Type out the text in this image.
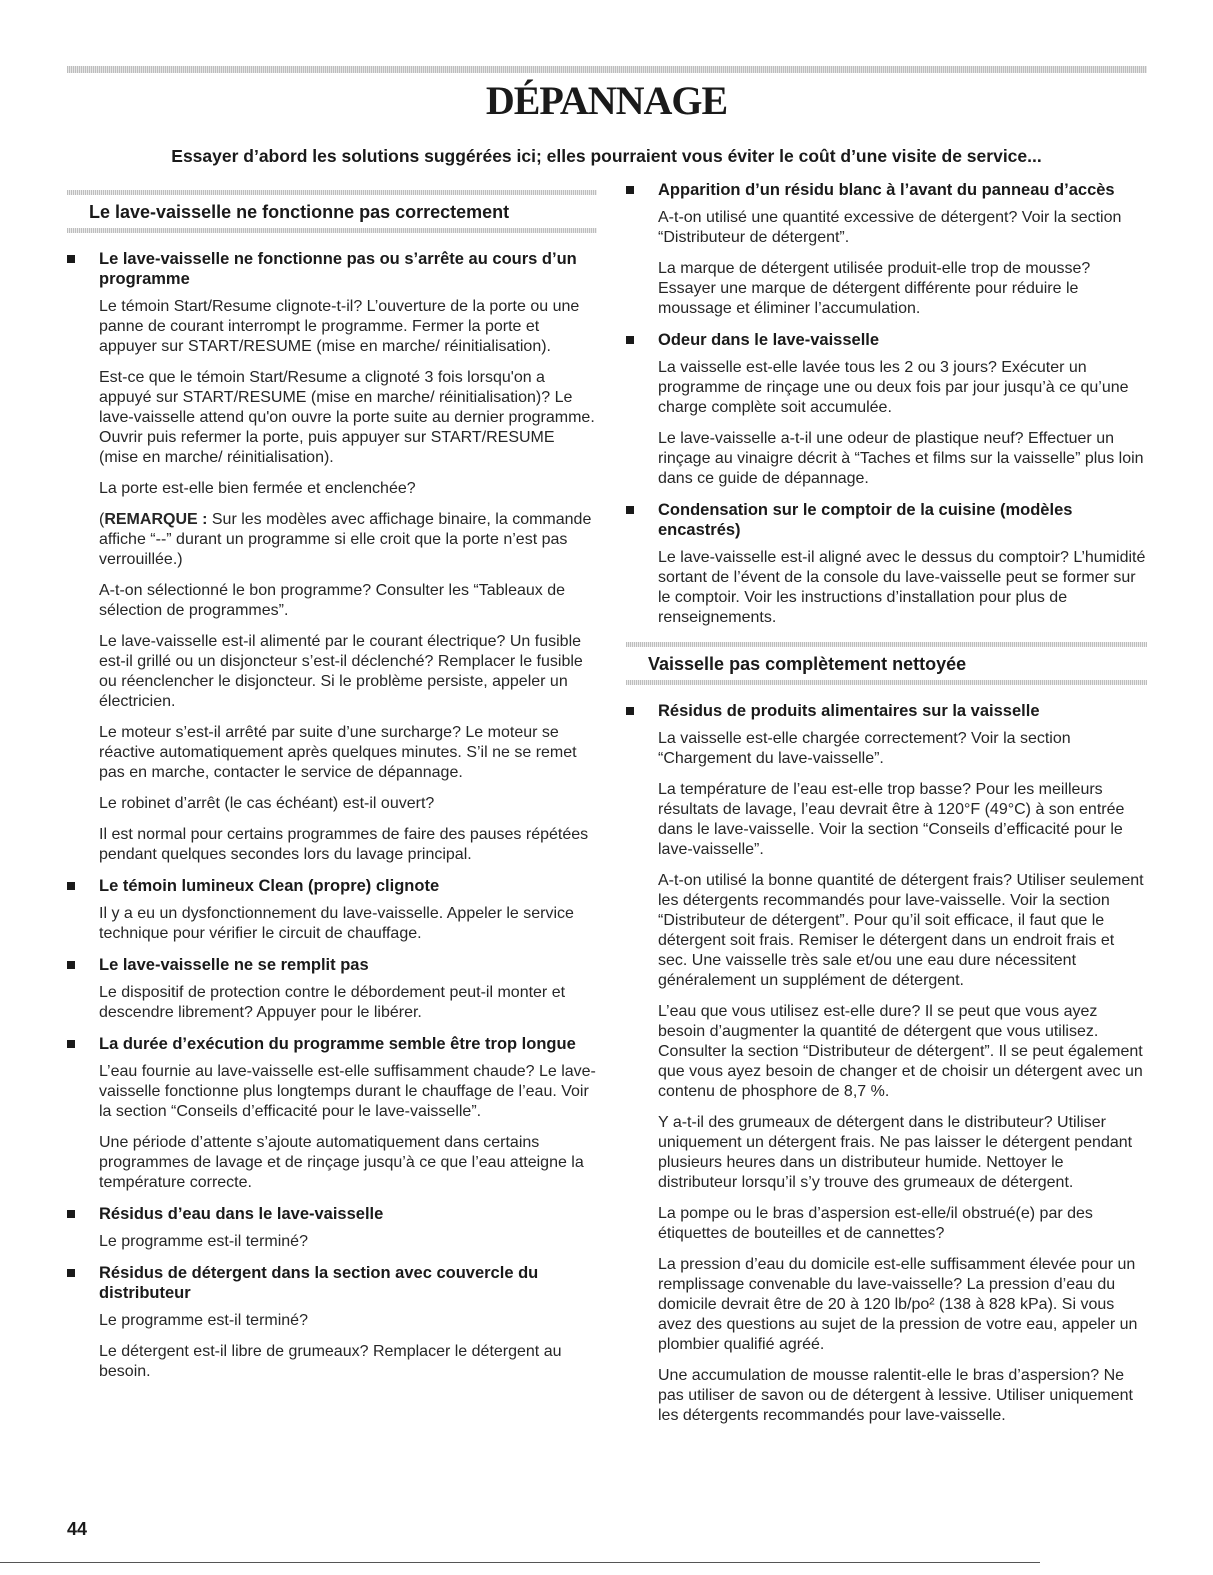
DÉPANNAGE
Essayer d’abord les solutions suggérées ici; elles pourraient vous éviter le coût d’une visite de service...
Le lave-vaisselle ne fonctionne pas correctement
Le lave-vaisselle ne fonctionne pas ou s’arrête au cours d’un programme

Le témoin Start/Resume clignote-t-il? L’ouverture de la porte ou une panne de courant interrompt le programme. Fermer la porte et appuyer sur START/RESUME (mise en marche/ réinitialisation).

Est-ce que le témoin Start/Resume a clignoté 3 fois lorsqu'on a appuyé sur START/RESUME (mise en marche/ réinitialisation)? Le lave-vaisselle attend qu'on ouvre la porte suite au dernier programme. Ouvrir puis refermer la porte, puis appuyer sur START/RESUME (mise en marche/ réinitialisation).

La porte est-elle bien fermée et enclenchée?

(REMARQUE : Sur les modèles avec affichage binaire, la commande affiche “--” durant un programme si elle croit que la porte n’est pas verrouillée.)

A-t-on sélectionné le bon programme? Consulter les “Tableaux de sélection de programmes”.

Le lave-vaisselle est-il alimenté par le courant électrique? Un fusible est-il grillé ou un disjoncteur s’est-il déclenché? Remplacer le fusible ou réenclencher le disjoncteur. Si le problème persiste, appeler un électricien.

Le moteur s’est-il arrêté par suite d’une surcharge? Le moteur se réactive automatiquement après quelques minutes. S’il ne se remet pas en marche, contacter le service de dépannage.

Le robinet d’arrêt (le cas échéant) est-il ouvert?

Il est normal pour certains programmes de faire des pauses répétées pendant quelques secondes lors du lavage principal.

Le témoin lumineux Clean (propre) clignote

Il y a eu un dysfonctionnement du lave-vaisselle. Appeler le service technique pour vérifier le circuit de chauffage.

Le lave-vaisselle ne se remplit pas

Le dispositif de protection contre le débordement peut-il monter et descendre librement? Appuyer pour le libérer.

La durée d’exécution du programme semble être trop longue

L’eau fournie au lave-vaisselle est-elle suffisamment chaude? Le lave-vaisselle fonctionne plus longtemps durant le chauffage de l’eau. Voir la section “Conseils d’efficacité pour le lave-vaisselle”.

Une période d’attente s’ajoute automatiquement dans certains programmes de lavage et de rinçage jusqu’à ce que l’eau atteigne la température correcte.

Résidus d’eau dans le lave-vaisselle

Le programme est-il terminé?

Résidus de détergent dans la section avec couvercle du distributeur

Le programme est-il terminé?

Le détergent est-il libre de grumeaux? Remplacer le détergent au besoin.

Apparition d’un résidu blanc à l’avant du panneau d’accès

A-t-on utilisé une quantité excessive de détergent? Voir la section “Distributeur de détergent”.

La marque de détergent utilisée produit-elle trop de mousse? Essayer une marque de détergent différente pour réduire le moussage et éliminer l’accumulation.

Odeur dans le lave-vaisselle

La vaisselle est-elle lavée tous les 2 ou 3 jours? Exécuter un programme de rinçage une ou deux fois par jour jusqu’à ce qu’une charge complète soit accumulée.

Le lave-vaisselle a-t-il une odeur de plastique neuf? Effectuer un rinçage au vinaigre décrit à “Taches et films sur la vaisselle” plus loin dans ce guide de dépannage.

Condensation sur le comptoir de la cuisine (modèles encastrés)

Le lave-vaisselle est-il aligné avec le dessus du comptoir? L’humidité sortant de l’évent de la console du lave-vaisselle peut se former sur le comptoir. Voir les instructions d’installation pour plus de renseignements.

Vaisselle pas complètement nettoyée
Résidus de produits alimentaires sur la vaisselle

La vaisselle est-elle chargée correctement? Voir la section “Chargement du lave-vaisselle”.

La température de l’eau est-elle trop basse? Pour les meilleurs résultats de lavage, l’eau devrait être à 120°F (49°C) à son entrée dans le lave-vaisselle. Voir la section “Conseils d’efficacité pour le lave-vaisselle”.

A-t-on utilisé la bonne quantité de détergent frais? Utiliser seulement les détergents recommandés pour lave-vaisselle. Voir la section “Distributeur de détergent”. Pour qu’il soit efficace, il faut que le détergent soit frais. Remiser le détergent dans un endroit frais et sec. Une vaisselle très sale et/ou une eau dure nécessitent généralement un supplément de détergent.

L’eau que vous utilisez est-elle dure? Il se peut que vous ayez besoin d’augmenter la quantité de détergent que vous utilisez. Consulter la section “Distributeur de détergent”. Il se peut également que vous ayez besoin de changer et de choisir un détergent avec un contenu de phosphore de 8,7 %.

Y a-t-il des grumeaux de détergent dans le distributeur? Utiliser uniquement un détergent frais. Ne pas laisser le détergent pendant plusieurs heures dans un distributeur humide. Nettoyer le distributeur lorsqu’il s’y trouve des grumeaux de détergent.

La pompe ou le bras d’aspersion est-elle/il obstrué(e) par des étiquettes de bouteilles et de cannettes?

La pression d’eau du domicile est-elle suffisamment élevée pour un remplissage convenable du lave-vaisselle? La pression d’eau du domicile devrait être de 20 à 120 lb/po² (138 à 828 kPa). Si vous avez des questions au sujet de la pression de votre eau, appeler un plombier qualifié agréé.

Une accumulation de mousse ralentit-elle le bras d’aspersion? Ne pas utiliser de savon ou de détergent à lessive. Utiliser uniquement les détergents recommandés pour lave-vaisselle.

44
